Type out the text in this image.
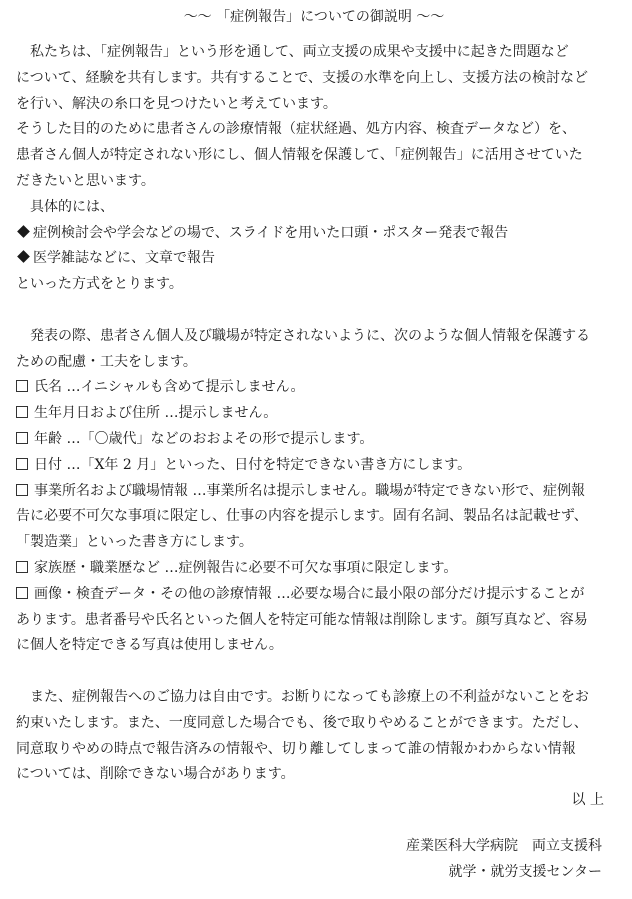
～～ 「症例報告」についての御説明 ～～
私たちは、「症例報告」という形を通して、両立支援の成果や支援中に起きた問題など
について、経験を共有します。共有することで、支援の水準を向上し、支援方法の検討など
を行い、解決の糸口を見つけたいと考えています。
そうした目的のために患者さんの診療情報（症状経過、処方内容、検査データなど）を、
患者さん個人が特定されない形にし、個人情報を保護して、「症例報告」に活用させていた
だきたいと思います。
具体的には、
症例検討会や学会などの場で、スライドを用いた口頭・ポスター発表で報告
医学雑誌などに、文章で報告
といった方式をとります。
発表の際、患者さん個人及び職場が特定されないように、次のような個人情報を保護する
ための配慮・工夫をします。
氏名 …イニシャルも含めて提示しません。
生年月日および住所 …提示しません。
年齢 …「〇歳代」などのおおよその形で提示します。
日付 …「X年 2 月」といった、日付を特定できない書き方にします。
事業所名および職場情報 …事業所名は提示しません。職場が特定できない形で、症例報
告に必要不可欠な事項に限定し、仕事の内容を提示します。固有名詞、製品名は記載せず、
「製造業」といった書き方にします。
家族歴・職業歴など …症例報告に必要不可欠な事項に限定します。
画像・検査データ・その他の診療情報 …必要な場合に最小限の部分だけ提示することが
あります。患者番号や氏名といった個人を特定可能な情報は削除します。顔写真など、容易
に個人を特定できる写真は使用しません。
また、症例報告へのご協力は自由です。お断りになっても診療上の不利益がないことをお
約束いたします。また、一度同意した場合でも、後で取りやめることができます。ただし、
同意取りやめの時点で報告済みの情報や、切り離してしまって誰の情報かわからない情報
については、削除できない場合があります。
以 上
産業医科大学病院　両立支援科
就学・就労支援センター
